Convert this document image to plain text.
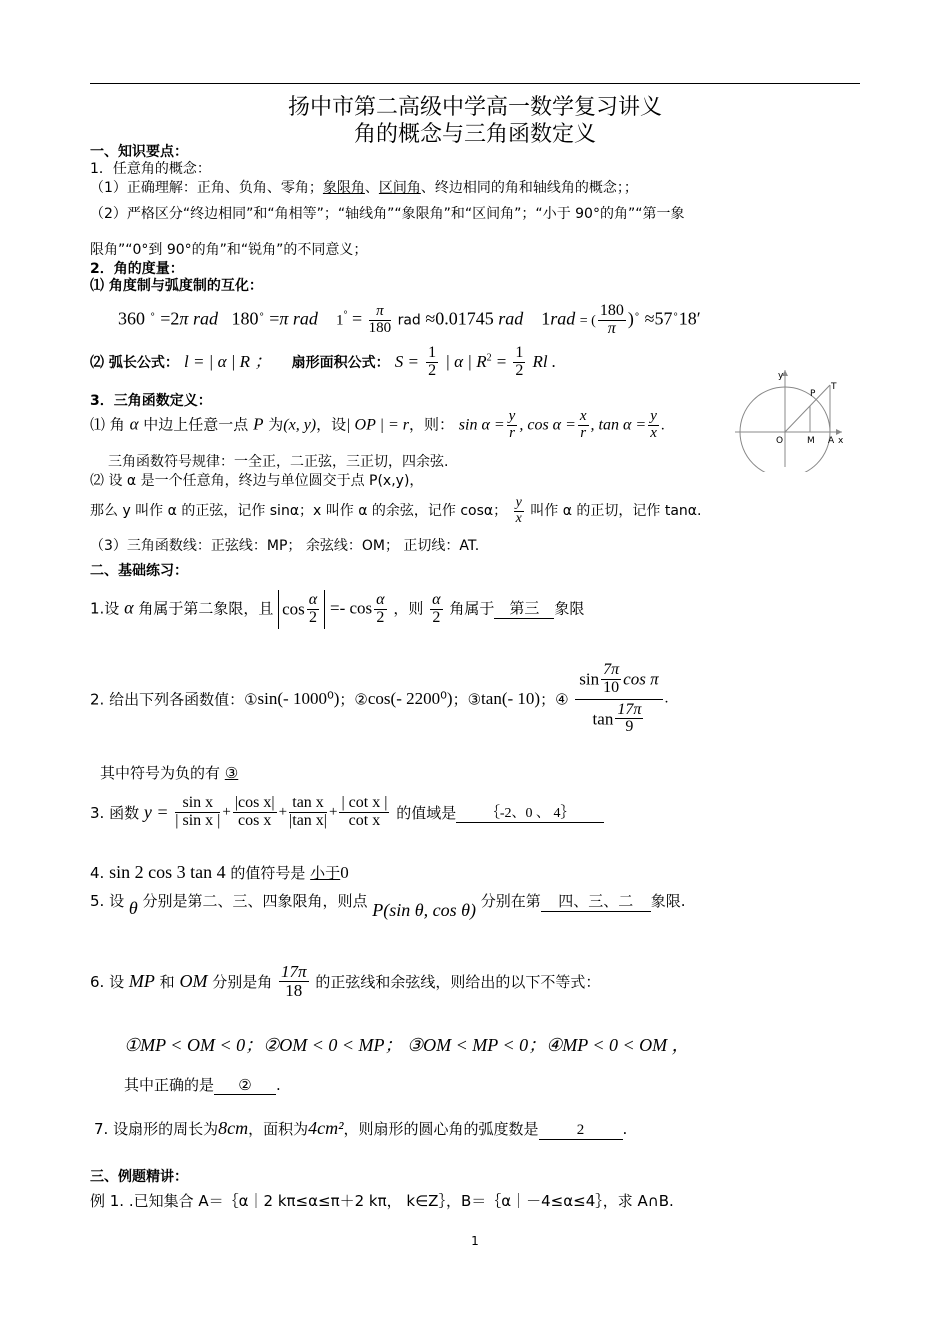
扬中市第二高级中学高一数学复习讲义
角的概念与三角函数定义
一、知识要点：
1．任意角的概念：
（1）正确理解：正角、负角、零角；象限角、区间角、终边相同的角和轴线角的概念；；
（2）严格区分“终边相同”和“角相等”；“轴线角”“象限角”和“区间角”；“小于 90°的角”“第一象
限角”“0°到 90°的角”和“锐角”的不同意义；
2．角的度量：
⑴ 角度制与弧度制的互化：
360 ∘ =2π rad 180∘ =π rad $1^\circ = \frac{\pi}{180}$ rad ≈0.01745 rad 1rad = ( $\frac{180}{\pi} )^\circ \approx 57^\circ 18'$
⑵ 弧长公式： l = | α | R ； 扇形面积公式： $S = \frac{1}{2}$ | α | $R^2 = \frac{1}{2}$ Rl .
3．三角函数定义：
⑴ 角 α 中边上任意一点 P 为(x, y)，设| OP | = r，则： $\sin \alpha = \frac{y}{r}$ , $\cos \alpha = \frac{x}{r}$ , $\tan \alpha = \frac{y}{x}$ .
三角函数符号规律：一全正，二正弦，三正切，四余弦.
⑵ 设 α 是一个任意角，终边与单位圆交于点 P(x,y)，
那么 y 叫作 α 的正弦，记作 sinα；x 叫作 α 的余弦，记作 cosα； $\frac{y}{x}$ 叫作 α 的正切，记作 tanα.
（3）三角函数线：正弦线：MP； 余弦线：OM； 正切线：AT.
y
P
T
O	M A x
二、基础练习：
1.设 α 角属于第二象限，且 $\cos \frac{\alpha}{2} =- \cos \frac{\alpha}{2}$ ，则 $\frac{\alpha}{2}$ 角属于 第三 象限
2. 给出下列各函数值：①sin(- 1000⁰)；②cos(- 2200⁰)；③tan(- 10)；④ $\frac{\sin \frac{7\pi}{10} \cos \pi}{\tan \frac{17\pi}{9}}$ .
其中符号为负的有 ③
3. 函数 $y = \frac{\text{sin x}}{\text{| sin x |}} + \frac{\text{|cos x|}}{\text{cos x}} + \frac{\text{tan x}}{\text{|tan x|}} + \frac{\text{| cot x |}}{\text{cot x}}$ 的值域是 ｛-2、0 、 4｝
4. sin 2 cos 3 tan 4 的值符号是 小于0
5. 设 θ 分别是第二、三、四象限角，则点 P(sin θ, cos θ) 分别在第 四、三、二 象限.
6. 设 MP 和 OM 分别是角 $\frac{17\pi}{18}$ 的正弦线和余弦线，则给出的以下不等式：
①MP < OM < 0；②OM < 0 < MP； ③OM < MP < 0；④MP < 0 < OM ，
其中正确的是 ② .
7. 设扇形的周长为8cm，面积为4cm²，则扇形的圆心角的弧度数是	2	.
三、例题精讲：
例 1. .已知集合 A＝｛α｜2 kπ≤α≤π＋2 kπ， k∈Z｝，B＝｛α｜－4≤α≤4｝，求 A∩B.
1
